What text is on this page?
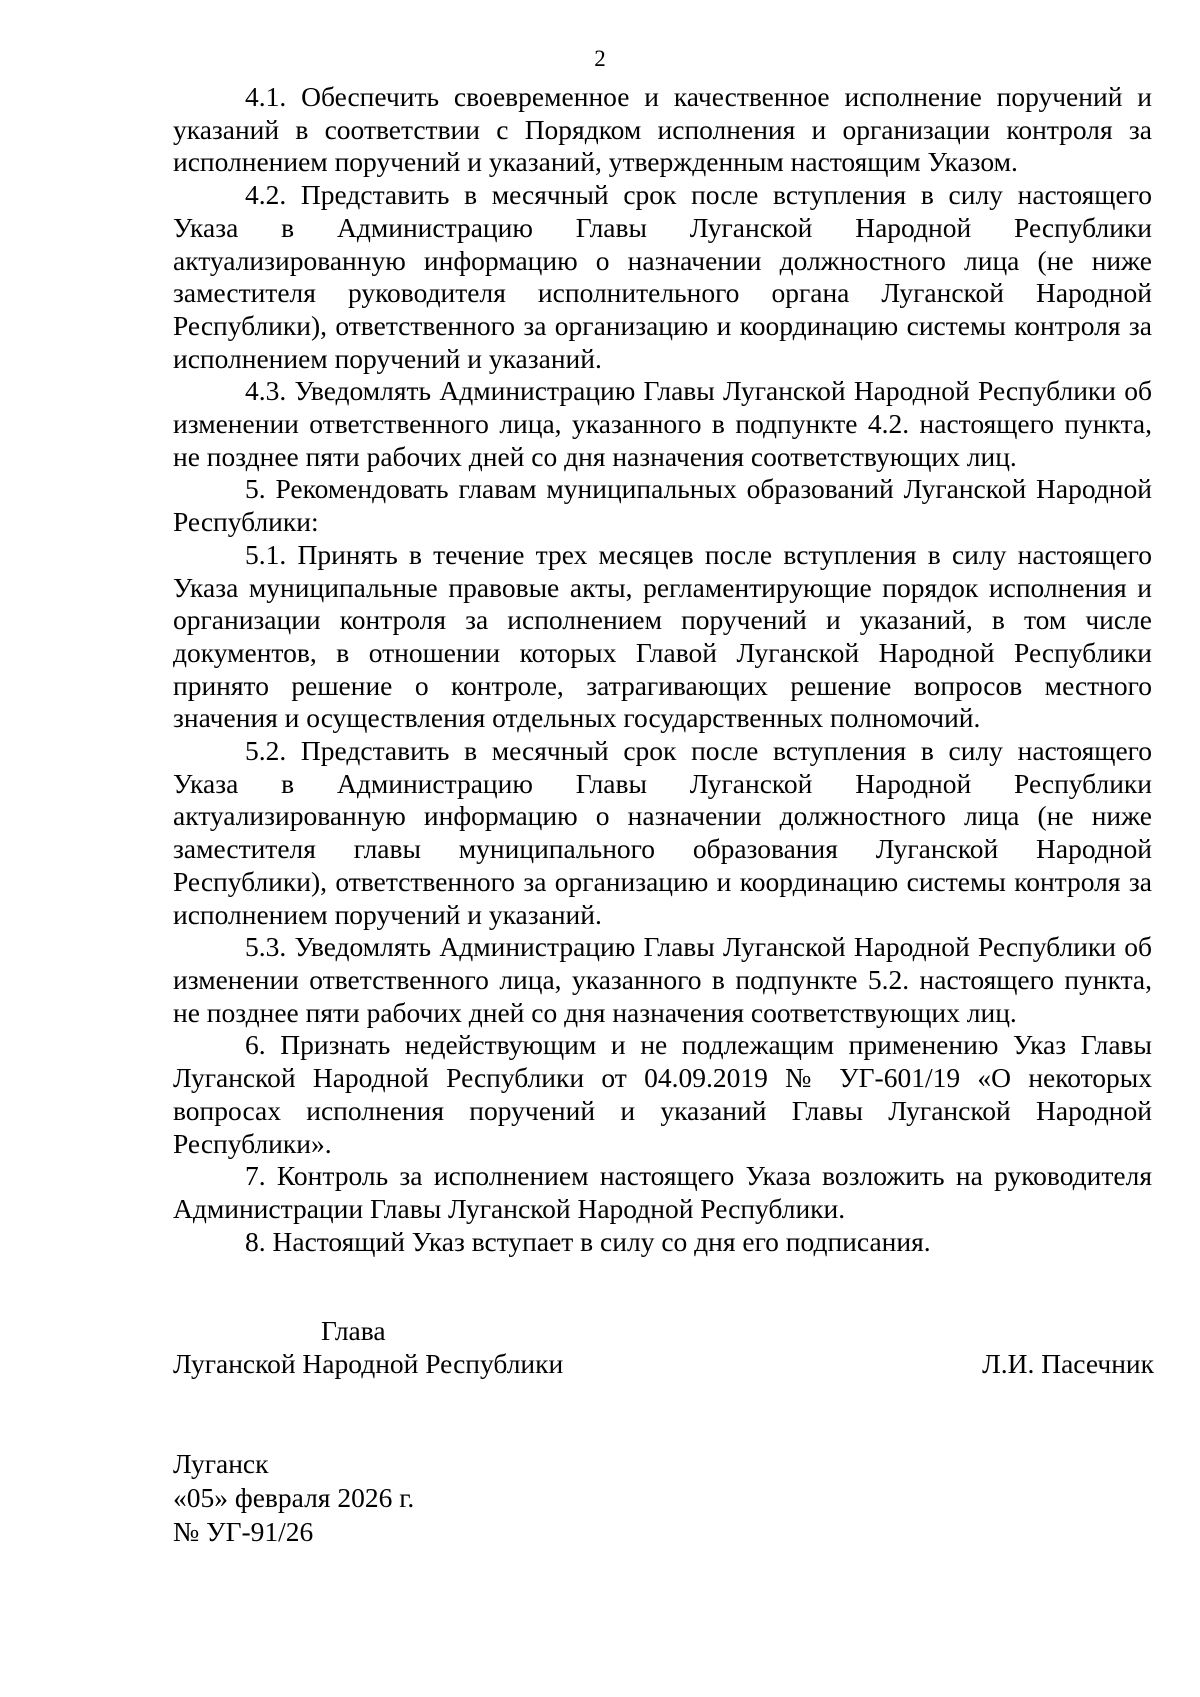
2

4.1. Обеспечить своевременное и качественное исполнение поручений и указаний в соответствии с Порядком исполнения и организации контроля за исполнением поручений и указаний, утвержденным настоящим Указом.

4.2. Представить в месячный срок после вступления в силу настоящего Указа в Администрацию Главы Луганской Народной Республики актуализированную информацию о назначении должностного лица (не ниже заместителя руководителя исполнительного органа Луганской Народной Республики), ответственного за организацию и координацию системы контроля за исполнением поручений и указаний.

4.3. Уведомлять Администрацию Главы Луганской Народной Республики об изменении ответственного лица, указанного в подпункте 4.2. настоящего пункта, не позднее пяти рабочих дней со дня назначения соответствующих лиц.

5. Рекомендовать главам муниципальных образований Луганской Народной Республики:

5.1. Принять в течение трех месяцев после вступления в силу настоящего Указа муниципальные правовые акты, регламентирующие порядок исполнения и организации контроля за исполнением поручений и указаний, в том числе документов, в отношении которых Главой Луганской Народной Республики принято решение о контроле, затрагивающих решение вопросов местного значения и осуществления отдельных государственных полномочий.

5.2. Представить в месячный срок после вступления в силу настоящего Указа в Администрацию Главы Луганской Народной Республики актуализированную информацию о назначении должностного лица (не ниже заместителя главы муниципального образования Луганской Народной Республики), ответственного за организацию и координацию системы контроля за исполнением поручений и указаний.

5.3. Уведомлять Администрацию Главы Луганской Народной Республики об изменении ответственного лица, указанного в подпункте 5.2. настоящего пункта, не позднее пяти рабочих дней со дня назначения соответствующих лиц.

6. Признать недействующим и не подлежащим применению Указ Главы Луганской Народной Республики от 04.09.2019 № УГ-601/19 «О некоторых вопросах исполнения поручений и указаний Главы Луганской Народной Республики».

7. Контроль за исполнением настоящего Указа возложить на руководителя Администрации Главы Луганской Народной Республики.

8. Настоящий Указ вступает в силу со дня его подписания.

Глава
Луганской Народной Республики	Л.И. Пасечник
Луганск
«05» февраля 2026 г.
№ УГ-91/26
